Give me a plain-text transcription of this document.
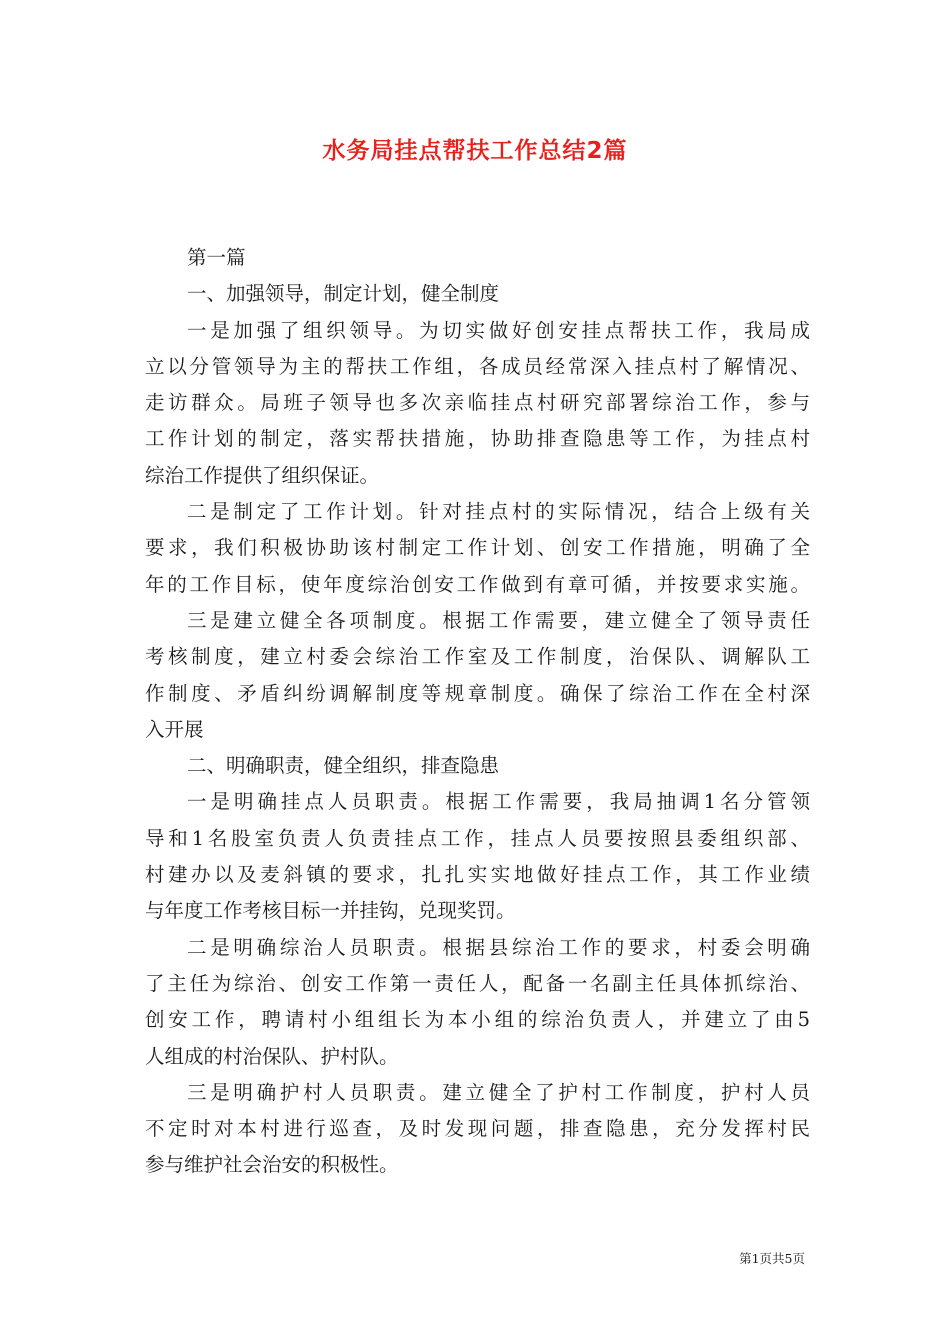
水务局挂点帮扶工作总结2篇
第一篇
一、加强领导，制定计划，健全制度
一是加强了组织领导。为切实做好创安挂点帮扶工作，我局成
立以分管领导为主的帮扶工作组，各成员经常深入挂点村了解情况、
走访群众。局班子领导也多次亲临挂点村研究部署综治工作，参与
工作计划的制定，落实帮扶措施，协助排查隐患等工作，为挂点村
综治工作提供了组织保证。
二是制定了工作计划。针对挂点村的实际情况，结合上级有关
要求，我们积极协助该村制定工作计划、创安工作措施，明确了全
年的工作目标，使年度综治创安工作做到有章可循，并按要求实施。
三是建立健全各项制度。根据工作需要，建立健全了领导责任
考核制度，建立村委会综治工作室及工作制度，治保队、调解队工
作制度、矛盾纠纷调解制度等规章制度。确保了综治工作在全村深
入开展
二、明确职责，健全组织，排查隐患
一是明确挂点人员职责。根据工作需要，我局抽调1名分管领
导和1名股室负责人负责挂点工作，挂点人员要按照县委组织部、
村建办以及麦斜镇的要求，扎扎实实地做好挂点工作，其工作业绩
与年度工作考核目标一并挂钩，兑现奖罚。
二是明确综治人员职责。根据县综治工作的要求，村委会明确
了主任为综治、创安工作第一责任人，配备一名副主任具体抓综治、
创安工作，聘请村小组组长为本小组的综治负责人，并建立了由5
人组成的村治保队、护村队。
三是明确护村人员职责。建立健全了护村工作制度，护村人员
不定时对本村进行巡查，及时发现问题，排查隐患，充分发挥村民
参与维护社会治安的积极性。
第1页共5页
